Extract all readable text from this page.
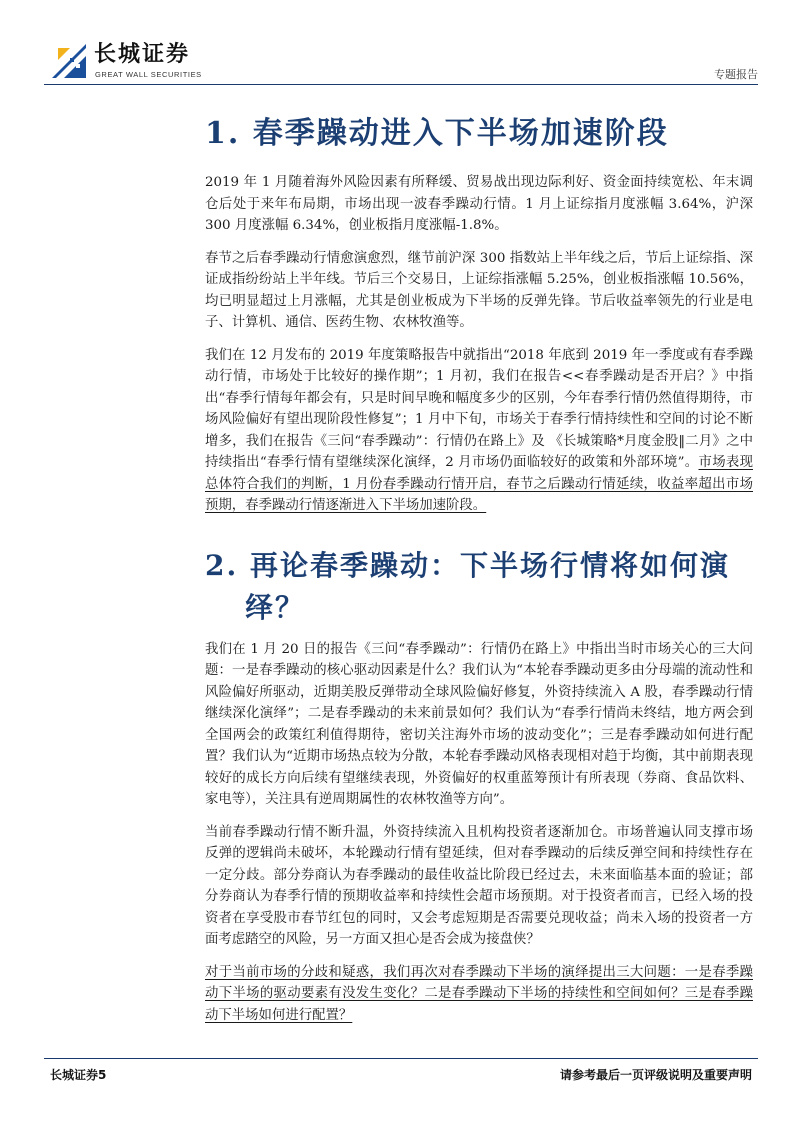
长城证券
GREAT WALL SECURITIES	专题报告
1. 春季躁动进入下半场加速阶段

2019 年 1 月随着海外风险因素有所释缓、贸易战出现边际利好、资金面持续宽松、年末调仓后处于来年布局期，市场出现一波春季躁动行情。1 月上证综指月度涨幅 3.64%，沪深 300 月度涨幅 6.34%，创业板指月度涨幅-1.8%。

春节之后春季躁动行情愈演愈烈，继节前沪深 300 指数站上半年线之后，节后上证综指、深证成指纷纷站上半年线。节后三个交易日，上证综指涨幅 5.25%，创业板指涨幅 10.56%，均已明显超过上月涨幅，尤其是创业板成为下半场的反弹先锋。节后收益率领先的行业是电子、计算机、通信、医药生物、农林牧渔等。

我们在 12 月发布的 2019 年度策略报告中就指出“2018 年底到 2019 年一季度或有春季躁动行情，市场处于比较好的操作期”；1 月初，我们在报告<<春季躁动是否开启？》中指出“春季行情每年都会有，只是时间早晚和幅度多少的区别，今年春季行情仍然值得期待，市场风险偏好有望出现阶段性修复”；1 月中下旬，市场关于春季行情持续性和空间的讨论不断增多，我们在报告《三问“春季躁动”：行情仍在路上》及 《长城策略*月度金股‖二月》之中持续指出“春季行情有望继续深化演绎，2 月市场仍面临较好的政策和外部环境”。市场表现总体符合我们的判断，1 月份春季躁动行情开启，春节之后躁动行情延续，收益率超出市场预期，春季躁动行情逐渐进入下半场加速阶段。

2. 再论春季躁动：下半场行情将如何演
绎？

我们在 1 月 20 日的报告《三问“春季躁动”：行情仍在路上》中指出当时市场关心的三大问题：一是春季躁动的核心驱动因素是什么？我们认为“本轮春季躁动更多由分母端的流动性和风险偏好所驱动，近期美股反弹带动全球风险偏好修复，外资持续流入 A 股，春季躁动行情继续深化演绎”；二是春季躁动的未来前景如何？我们认为“春季行情尚未终结，地方两会到全国两会的政策红利值得期待，密切关注海外市场的波动变化”；三是春季躁动如何进行配置？我们认为“近期市场热点较为分散，本轮春季躁动风格表现相对趋于均衡，其中前期表现较好的成长方向后续有望继续表现，外资偏好的权重蓝筹预计有所表现（券商、食品饮料、家电等），关注具有逆周期属性的农林牧渔等方向”。

当前春季躁动行情不断升温，外资持续流入且机构投资者逐渐加仓。市场普遍认同支撑市场反弹的逻辑尚未破坏，本轮躁动行情有望延续，但对春季躁动的后续反弹空间和持续性存在一定分歧。部分券商认为春季躁动的最佳收益比阶段已经过去，未来面临基本面的验证；部分券商认为春季行情的预期收益率和持续性会超市场预期。对于投资者而言，已经入场的投资者在享受股市春节红包的同时，又会考虑短期是否需要兑现收益；尚未入场的投资者一方面考虑踏空的风险，另一方面又担心是否会成为接盘侠？

对于当前市场的分歧和疑惑，我们再次对春季躁动下半场的演绎提出三大问题：一是春季躁动下半场的驱动要素有没发生变化？二是春季躁动下半场的持续性和空间如何？三是春季躁动下半场如何进行配置？

长城证券5	请参考最后一页评级说明及重要声明
